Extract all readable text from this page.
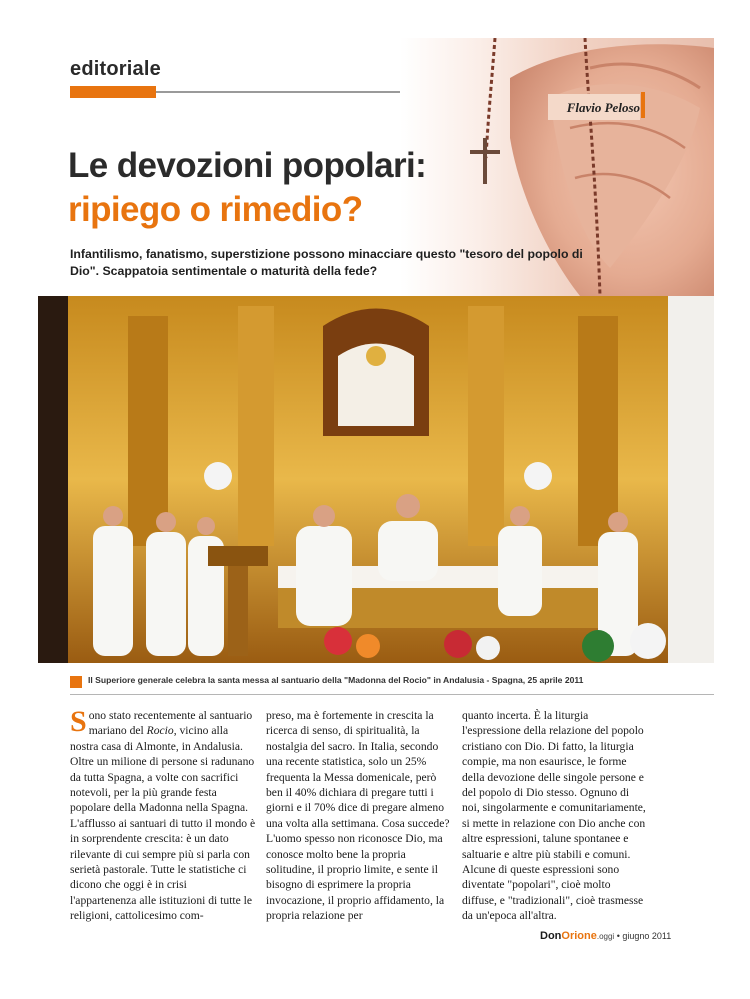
editoriale
Flavio Peloso
Le devozioni popolari:
ripiego o rimedio?
Infantilismo, fanatismo, superstizione possono minacciare questo "tesoro del popolo di Dio". Scappatoia sentimentale o maturità della fede?
Il Superiore generale celebra la santa messa al santuario della "Madonna del Rocio" in Andalusia - Spagna, 25 aprile 2011

Sono stato recentemente al santuario mariano del Rocio, vicino alla nostra casa di Almonte, in Andalusia. Oltre un milione di persone si radunano da tutta Spagna, a volte con sacrifici notevoli, per la più grande festa popolare della Madonna nella Spagna. L'afflusso ai santuari di tutto il mondo è in sorprendente crescita: è un dato rilevante di cui sempre più si parla con serietà pastorale. Tutte le statistiche ci dicono che oggi è in crisi l'appartenenza alle istituzioni di tutte le religioni, cattolicesimo com-

preso, ma è fortemente in crescita la ricerca di senso, di spiritualità, la nostalgia del sacro. In Italia, secondo una recente statistica, solo un 25% frequenta la Messa domenicale, però ben il 40% dichiara di pregare tutti i giorni e il 70% dice di pregare almeno una volta alla settimana. Cosa succede? L'uomo spesso non riconosce Dio, ma conosce molto bene la propria solitudine, il proprio limite, e sente il bisogno di esprimere la propria invocazione, il proprio affidamento, la propria relazione per

quanto incerta. È la liturgia l'espressione della relazione del popolo cristiano con Dio. Di fatto, la liturgia compie, ma non esaurisce, le forme della devozione delle singole persone e del popolo di Dio stesso. Ognuno di noi, singolarmente e comunitariamente, si mette in relazione con Dio anche con altre espressioni, talune spontanee e saltuarie e altre più stabili e comuni. Alcune di queste espressioni sono diventate "popolari", cioè molto diffuse, e "tradizionali", cioè trasmesse da un'epoca all'altra.

DonOrione.oggi • giugno 2011
